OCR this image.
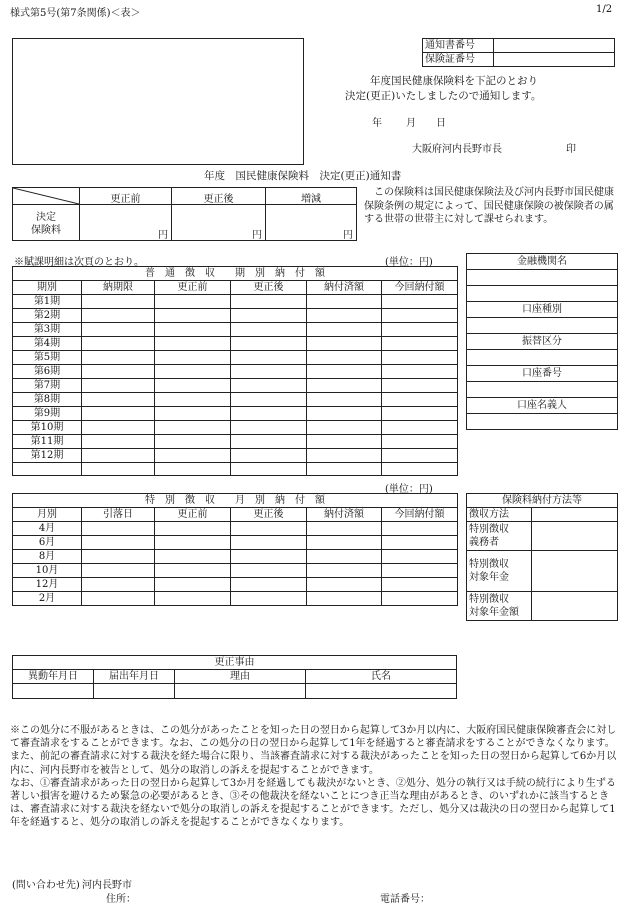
様式第5号(第7条関係)＜表＞	1/2
通知書番号	
保険証番号	
年度国民健康保険料を下記のとおり
決定(更正)いたしましたので通知します。
年 月 日
大阪府河内長野市長	印
年度　国民健康保険料　決定(更正)通知書
更正前	更正後	増減
決定
保険料	円	円	円
この保険料は国民健康保険法及び河内長野市国民健康保険条例の規定によって、国民健康保険の被保険者の属する世帯の世帯主に対して課せられます。
※賦課明細は次頁のとおり。	(単位：円)
普　通　徴　収　　期　別　納　付　額					
期別	納期限	更正前	更正後	納付済額	今回納付額
第1期					
第2期					
第3期					
第4期					
第5期					
第6期					
第7期					
第8期					
第9期					
第10期					
第11期					
第12期					

金融機関名

口座種別

振替区分

口座番号

口座名義人

(単位：円)
特　別　徴　収　　月　別　納　付　額					
月別	引落日	更正前	更正後	納付済額	今回納付額
4月					
6月					
8月					
10月					
12月					
2月					
保険料納付方法等	
徴収方法	
特別徴収
義務者	
特別徴収
対象年金	
特別徴収
対象年金額	
更正事由			
異動年月日	届出年月日	理由	氏名

※この処分に不服があるときは、この処分があったことを知った日の翌日から起算して3か月以内に、大阪府国民健康保険審査会に対して審査請求をすることができます。なお、この処分の日の翌日から起算して1年を経過すると審査請求をすることができなくなります。また、前記の審査請求に対する裁決を経た場合に限り、当該審査請求に対する裁決があったことを知った日の翌日から起算して6か月以内に、河内長野市を被告として、処分の取消しの訴えを提起することができます。
なお、①審査請求があった日の翌日から起算して3か月を経過しても裁決がないとき、②処分、処分の執行又は手続の続行により生ずる著しい損害を避けるため緊急の必要があるとき、③その他裁決を経ないことにつき正当な理由があるとき、のいずれかに該当するときは、審査請求に対する裁決を経ないで処分の取消しの訴えを提起することができます。ただし、処分又は裁決の日の翌日から起算して1年を経過すると、処分の取消しの訴えを提起することができなくなります。
(問い合わせ先) 河内長野市
住所：	電話番号：
